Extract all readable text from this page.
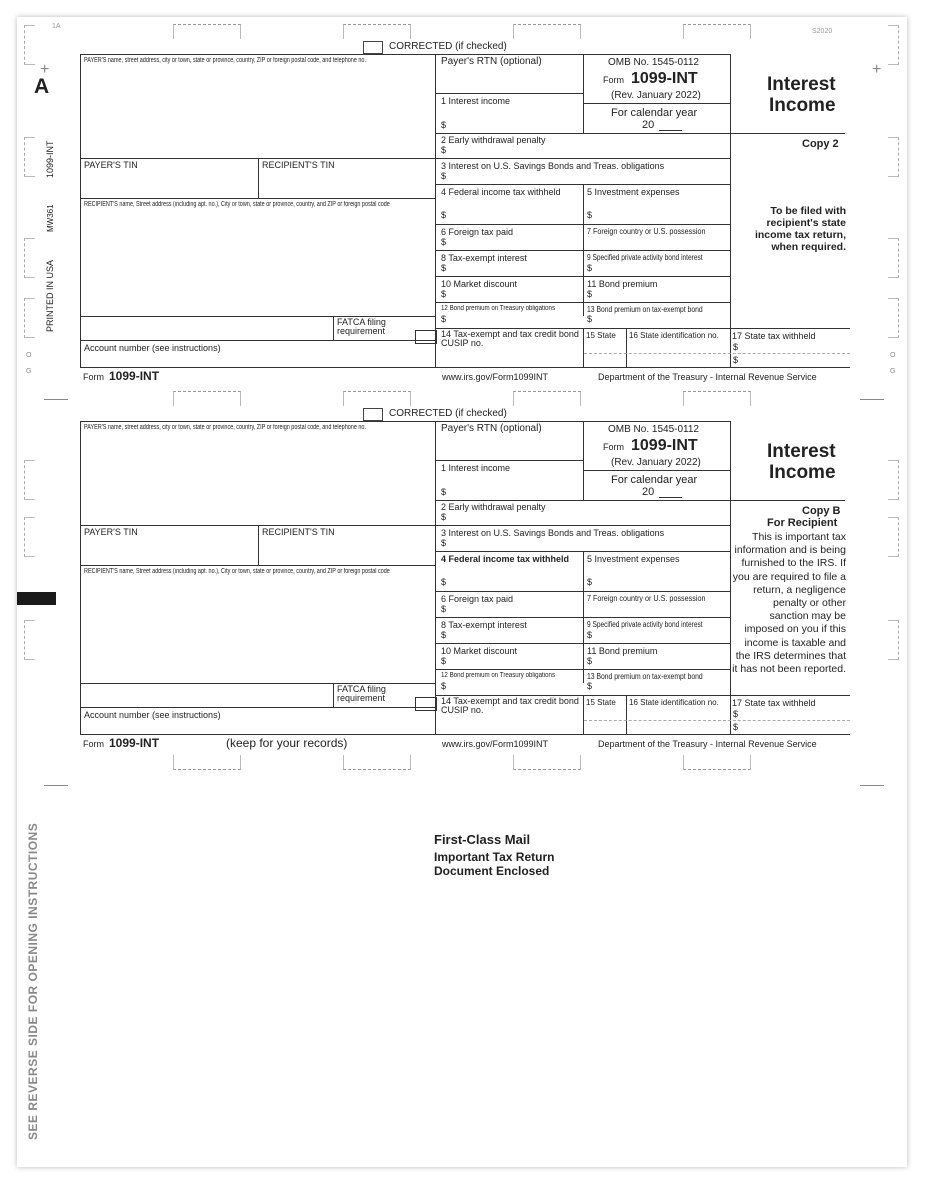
1A
A
S2020
1099-INT
MW361
PRINTED IN USA
O
G
O
G
SEE REVERSE SIDE FOR OPENING INSTRUCTIONS
+	+
CORRECTED (if checked)
PAYER'S name, street address, city or town, state or province, country, ZIP or foreign postal code, and telephone no.
PAYER'S TIN	RECIPIENT'S TIN
RECIPIENT'S name, Street address (including apt. no.), City or town, state or province, country, and ZIP or foreign postal code
FATCA filing requirement
Account number (see instructions)
Payer's RTN (optional)
1 Interest income
$
2 Early withdrawal penalty
$
3 Interest on U.S. Savings Bonds and Treas. obligations
$
4 Federal income tax withheld
$
5 Investment expenses
$
6 Foreign tax paid
$
7 Foreign country or U.S. possession
8 Tax-exempt interest
$
9 Specified private activity bond interest
$
10 Market discount
$
11 Bond premium
$
12 Bond premium on Treasury obligations
$
13 Bond premium on tax-exempt bond
$
14 Tax-exempt and tax credit bond CUSIP no.
15 State 16 State identification no. 17 State tax withheld
$
$
OMB No. 1545-0112
Form 1099-INT
(Rev. January 2022)
For calendar year
20
Interest
Income
Copy 2
To be filed with recipient's state income tax return, when required.
Form 1099-INT	www.irs.gov/Form1099INT	Department of the Treasury - Internal Revenue Service
CORRECTED (if checked)
PAYER'S name, street address, city or town, state or province, country, ZIP or foreign postal code, and telephone no.
PAYER'S TIN	RECIPIENT'S TIN
RECIPIENT'S name, Street address (including apt. no.), City or town, state or province, country, and ZIP or foreign postal code
FATCA filing requirement
Account number (see instructions)
Payer's RTN (optional)
1 Interest income
$
2 Early withdrawal penalty
$
3 Interest on U.S. Savings Bonds and Treas. obligations
$
4 Federal income tax withheld
$
5 Investment expenses
$
6 Foreign tax paid
$
7 Foreign country or U.S. possession
8 Tax-exempt interest
$
9 Specified private activity bond interest
$
10 Market discount
$
11 Bond premium
$
12 Bond premium on Treasury obligations
$
13 Bond premium on tax-exempt bond
$
14 Tax-exempt and tax credit bond CUSIP no.
15 State 16 State identification no. 17 State tax withheld
$
$
OMB No. 1545-0112
Form 1099-INT
(Rev. January 2022)
For calendar year
20
Interest
Income
Copy B
For Recipient
This is important tax information and is being furnished to the IRS. If you are required to file a return, a negligence penalty or other sanction may be imposed on you if this income is taxable and the IRS determines that it has not been reported.
Form 1099-INT	(keep for your records)	www.irs.gov/Form1099INT	Department of the Treasury - Internal Revenue Service
First-Class Mail
Important Tax Return
Document Enclosed
